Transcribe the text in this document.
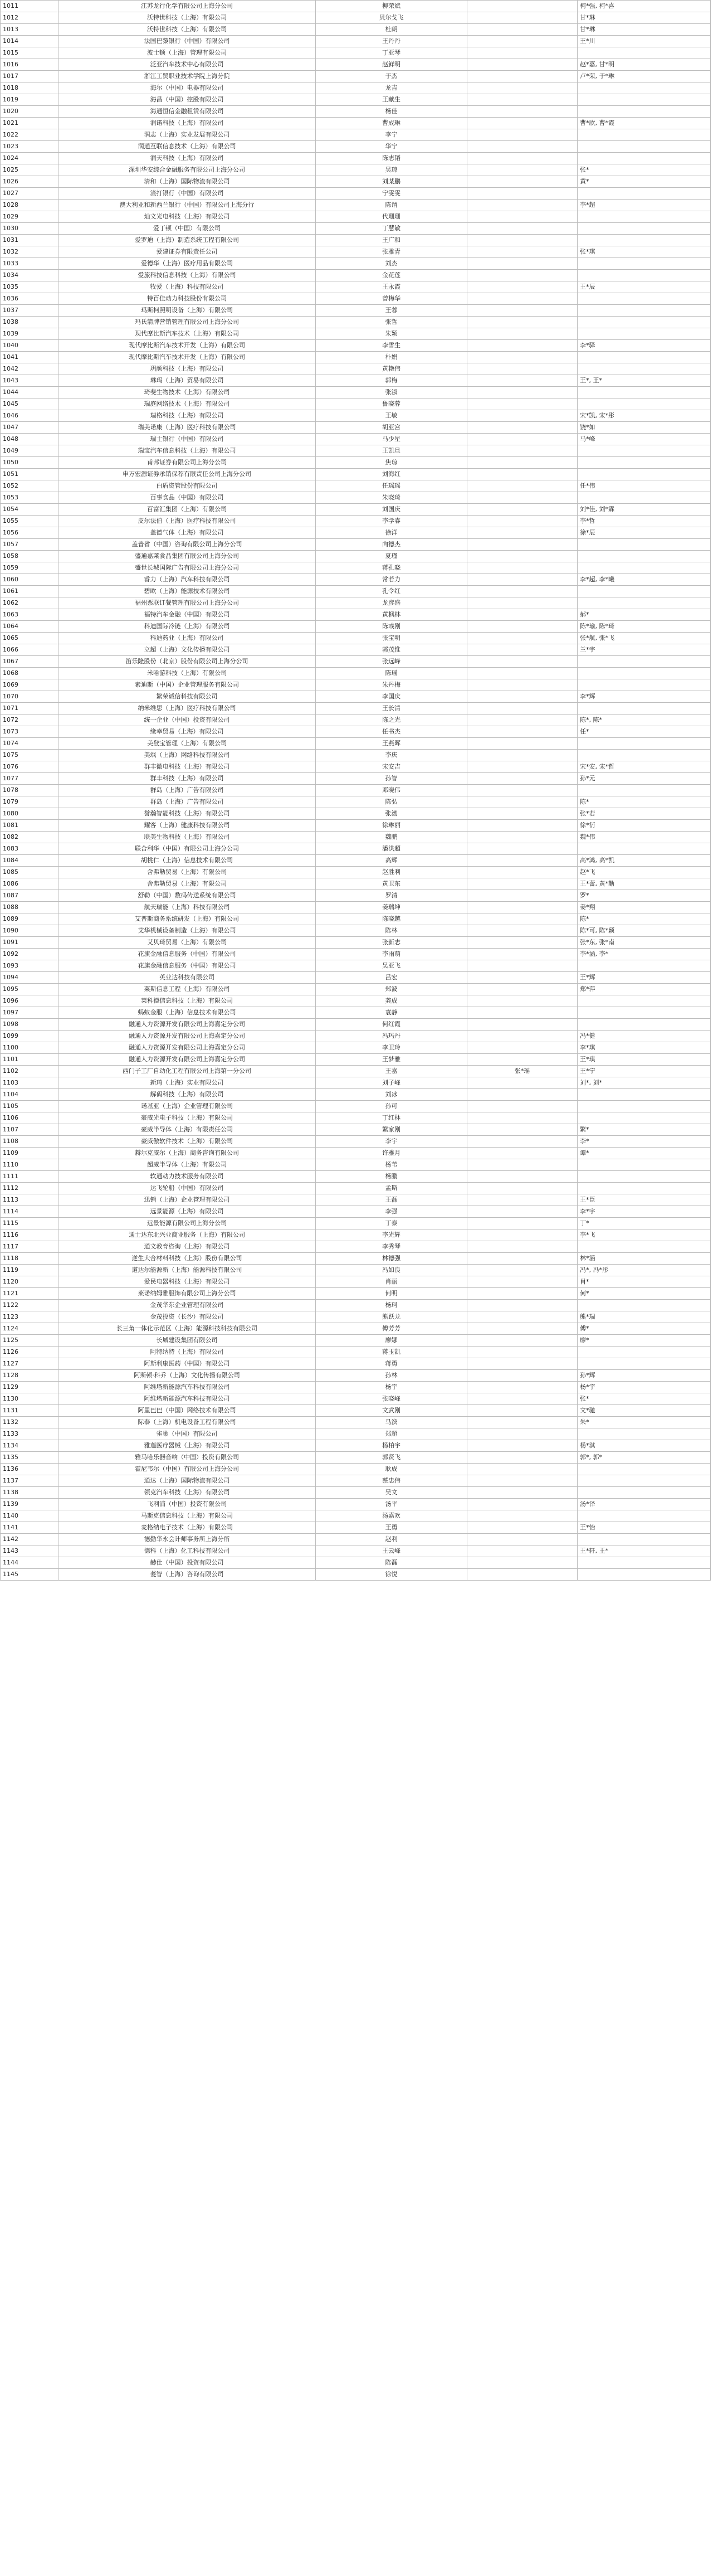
1011	江苏龙行化学有限公司上海分公司	柳荣斌		柯*强, 柯*喜
1012	沃特世科技（上海）有限公司	贝尔戈飞		甘*琳
1013	沃特世科技（上海）有限公司	杜朗		甘*琳
1014	法国巴黎银行（中国）有限公司	王丹丹		王*川
1015	波士顿（上海）管理有限公司	丁亚琴		
1016	泛亚汽车技术中心有限公司	赵鲜明		赵*嘉, 甘*明
1017	浙江工贸职业技术学院上海分院	于杰		卢*荣, 于*琳
1018	海尔（中国）电器有限公司	龙吉		
1019	海昌（中国）控股有限公司	王献生		
1020	海通恒信金融租赁有限公司	杨佳		
1021	润诺科技（上海）有限公司	曹成琳		曹*欣, 曹*霞
1022	润志（上海）实业发展有限公司	李宁		
1023	润通互联信息技术（上海）有限公司	华宁		
1024	润天科技（上海）有限公司	陈志韬		
1025	深圳华安综合金融服务有限公司上海分公司	吴琼		张*
1026	清和（上海）国际物流有限公司	刘某鹏		黄*
1027	渣打银行（中国）有限公司	宁雯雯		
1028	澳大利亚和新西兰银行（中国）有限公司上海分行	陈谓		李*超
1029	灿文光电科技（上海）有限公司	代珊珊		
1030	爱丁顿（中国）有限公司	丁慧敏		
1031	爱罗迪（上海）制造系统工程有限公司	王广和		
1032	爱建证券有限责任公司	张雅青		张*琪
1033	爱德华（上海）医疗用品有限公司	刘杰		
1034	爱旅科技信息科技（上海）有限公司	金花莲		
1035	牧爱（上海）科技有限公司	王永霞		王*辰
1036	特百佳动力科技股份有限公司	曾梅华		
1037	玛斯柯照明设备（上海）有限公司	王蓉		
1038	玛氏箭牌营销管理有限公司上海分公司	张哲		
1039	现代摩比斯汽车技术（上海）有限公司	朱颖		
1040	现代摩比斯汽车技术开发（上海）有限公司	李雪生		李*驿
1041	现代摩比斯汽车技术开发（上海）有限公司	朴娟		
1042	玥颜科技（上海）有限公司	黄艳伟		
1043	琳玛（上海）贸易有限公司	郭梅		王*, 王*
1044	琦斐生物技术（上海）有限公司	张淑		
1045	瑞庭网络技术（上海）有限公司	鲁晓蓉		
1046	瑞格科技（上海）有限公司	王敏		宋*凯, 宋*彤
1047	瑞美诺康（上海）医疗科技有限公司	胡亚宫		饶*如
1048	瑞士银行（中国）有限公司	马少星		马*峰
1049	瑞宝汽车信息科技（上海）有限公司	王凯旦		
1050	甫邦证券有限公司上海分公司	焦琼		
1051	申万宏源证券承销保荐有限责任公司上海分公司	刘海红		
1052	白盾资管股份有限公司	任瑶瑶		任*伟
1053	百事食品（中国）有限公司	朱晓琦		
1054	百富汇集团（上海）有限公司	刘国庆		刘*佳, 刘*霖
1055	皮尔法伯（上海）医疗科技有限公司	李学睿		李*哲
1056	盖德气体（上海）有限公司	徐洋		徐*辰
1057	盖普省（中国）咨询有限公司上海分公司	向德杰		
1058	盛通嘉莱食品集团有限公司上海分公司	夏瑾		
1059	盛世长城国际广告有限公司上海分公司	蒋孔晓		
1060	睿力（上海）汽车科技有限公司	常若力		李*超, 李*曦
1061	碧欧（上海）能源技术有限公司	孔令红		
1062	福州票联订餐管理有限公司上海分公司	龙彦盛		
1063	福特汽车金融（中国）有限公司	黄枫林		郝*
1064	科迪国际冷链（上海）有限公司	陈彧刚		陈*瑜, 陈*琦
1065	科迪药业（上海）有限公司	张宝明		张*航, 张*飞
1066	立超（上海）文化传播有限公司	郭茂惟		兰*宇
1067	笛乐隆股份（北京）股份有限公司上海分公司	张远峰		
1068	米哈游科技（上海）有限公司	陈瑶		
1069	素迪斯（中国）企业管理服务有限公司	朱丹梅		
1070	繁荣诚信科技有限公司	李国庆		李*辉
1071	纳米维思（上海）医疗科技有限公司	王长清		
1072	统一企业（中国）投资有限公司	陈之光		陈*, 陈*
1073	缘幸贸易（上海）有限公司	任书杰		任*
1074	美登宝管理（上海）有限公司	王燕晖		
1075	美飒（上海）网络科技有限公司	李庆		
1076	群丰微电科技（上海）有限公司	宋安吉		宋*安, 宋*哲
1077	群丰科技（上海）有限公司	孙智		孙*元
1078	群岛（上海）广告有限公司	邓晓伟		
1079	群岛（上海）广告有限公司	陈弘		陈*
1080	誉瀚智能科技（上海）有限公司	张渤		张*若
1081	耀客（上海）健康科技有限公司	徐琳丽		徐*衍
1082	联美生物科技（上海）有限公司	魏鹏		魏*伟
1083	联合利华（中国）有限公司上海分公司	潘洪超		
1084	胡桃仁（上海）信息技术有限公司	高辉		高*鸿, 高*凯
1085	舍弗勒贸易（上海）有限公司	赵胜利		赵*飞
1086	舍弗勒贸易（上海）有限公司	黄卫东		王*蕾, 黄*勤
1087	舒勒（中国）数码传送系统有限公司	罗清		罗*
1088	航天瑞能（上海）科技有限公司	姜瑞坤		姜*翔
1089	艾普斯商务系统研发（上海）有限公司	陈晓越		陈*
1090	艾华机械设备制造（上海）有限公司	陈林		陈*可, 陈*颖
1091	艾贝琦贸易（上海）有限公司	张新志		张*东, 张*南
1092	花旗金融信息服务（中国）有限公司	李雨萌		李*涵, 李*
1093	花旗金融信息服务（中国）有限公司	吴亚飞		
1094	英业达科技有限公司	吕宏		王*辉
1095	莱斯信息工程（上海）有限公司	郑波		郑*萍
1096	莱科德信息科技（上海）有限公司	龚成		
1097	蚂蚁金服（上海）信息技术有限公司	袁静		
1098	融通人力资源开发有限公司上海嘉定分公司	何红霞		
1099	融通人力资源开发有限公司上海嘉定分公司	冯玛丹		冯*健
1100	融通人力资源开发有限公司上海嘉定分公司	李卫玲		李*琪
1101	融通人力资源开发有限公司上海嘉定分公司	王梦雅		王*琪
1102	西门子工厂自动化工程有限公司上海第一分公司	王嘉	张*瑶	王*宁
1103	新琦（上海）实业有限公司	刘子峰		刘*, 刘*
1104	解码科技（上海）有限公司	刘冰		
1105	诺基亚（上海）企业管理有限公司	孙可		
1106	豪威光电子科技（上海）有限公司	丁红林		
1107	豪威半导体（上海）有限责任公司	繁家刚		繁*
1108	豪威傲软件技术（上海）有限公司	李宇		李*
1109	赫尔克威尔（上海）商务咨询有限公司	许雅月		谭*
1110	超威半导体（上海）有限公司	杨苇		
1111	软通动力技术服务有限公司	杨鹏		
1112	达飞轮船（中国）有限公司	孟斯		
1113	迅销（上海）企业管理有限公司	王磊		王*臣
1114	远景能源（上海）有限公司	李强		李*宇
1115	远景能源有限公司上海分公司	丁泰		丁*
1116	通士达东北兴业商业服务（上海）有限公司	李光辉		李*飞
1117	通文教育咨询（上海）有限公司	李秀琴		
1118	逆生大合材料科技（上海）股份有限公司	林德强		林*涵
1119	道达尔能源新（上海）能源科技有限公司	冯如良		冯*, 冯*彤
1120	爱民电器科技（上海）有限公司	肖丽		肖*
1121	莱诺纳姆雅服饰有限公司上海分公司	何明		何*
1122	金茂华东企业管理有限公司	杨珂		
1123	金茂投资（长沙）有限公司	熊跃龙		熊*瑞
1124	长三角一体化示范区（上海）能源科技科技有限公司	傅芳芳		傅*
1125	长城建设集团有限公司	廖娜		廖*
1126	阿特纳特（上海）有限公司	蒋玉凯		
1127	阿斯利康医药（中国）有限公司	蒋勇		
1128	阿斯顿·科乔（上海）文化传播有限公司	孙林		孙*辉
1129	阿维塔新能源汽车科技有限公司	杨宇		杨*宇
1130	阿维塔新能源汽车科技有限公司	张晓峰		张*
1131	阿里巴巴（中国）网络技术有限公司	文武刚		文*驰
1132	际泰（上海）机电设备工程有限公司	马滨		朱*
1133	雀巢（中国）有限公司	郑超		
1134	雅莲医疗器械（上海）有限公司	杨柏宇		杨*淇
1135	雅马哈乐器音响（中国）投资有限公司	郭贤飞		郭*, 郭*
1136	霍尼韦尔（中国）有限公司上海分公司	耿成		
1137	通达（上海）国际物流有限公司	蔡忠伟		
1138	领克汽车科技（上海）有限公司	吴文		
1139	飞利浦（中国）投资有限公司	汤平		汤*泽
1140	马斯克信息科技（上海）有限公司	汤嘉欢		
1141	麦格纳电子技术（上海）有限公司	王勇		王*怡
1142	德勤华永会计师事务所上海分所	赵利		
1143	德科（上海）化工科技有限公司	王云峰		王*轩, 王*
1144	赫仕（中国）投资有限公司	陈磊		
1145	菱智（上海）咨询有限公司	徐悦		
